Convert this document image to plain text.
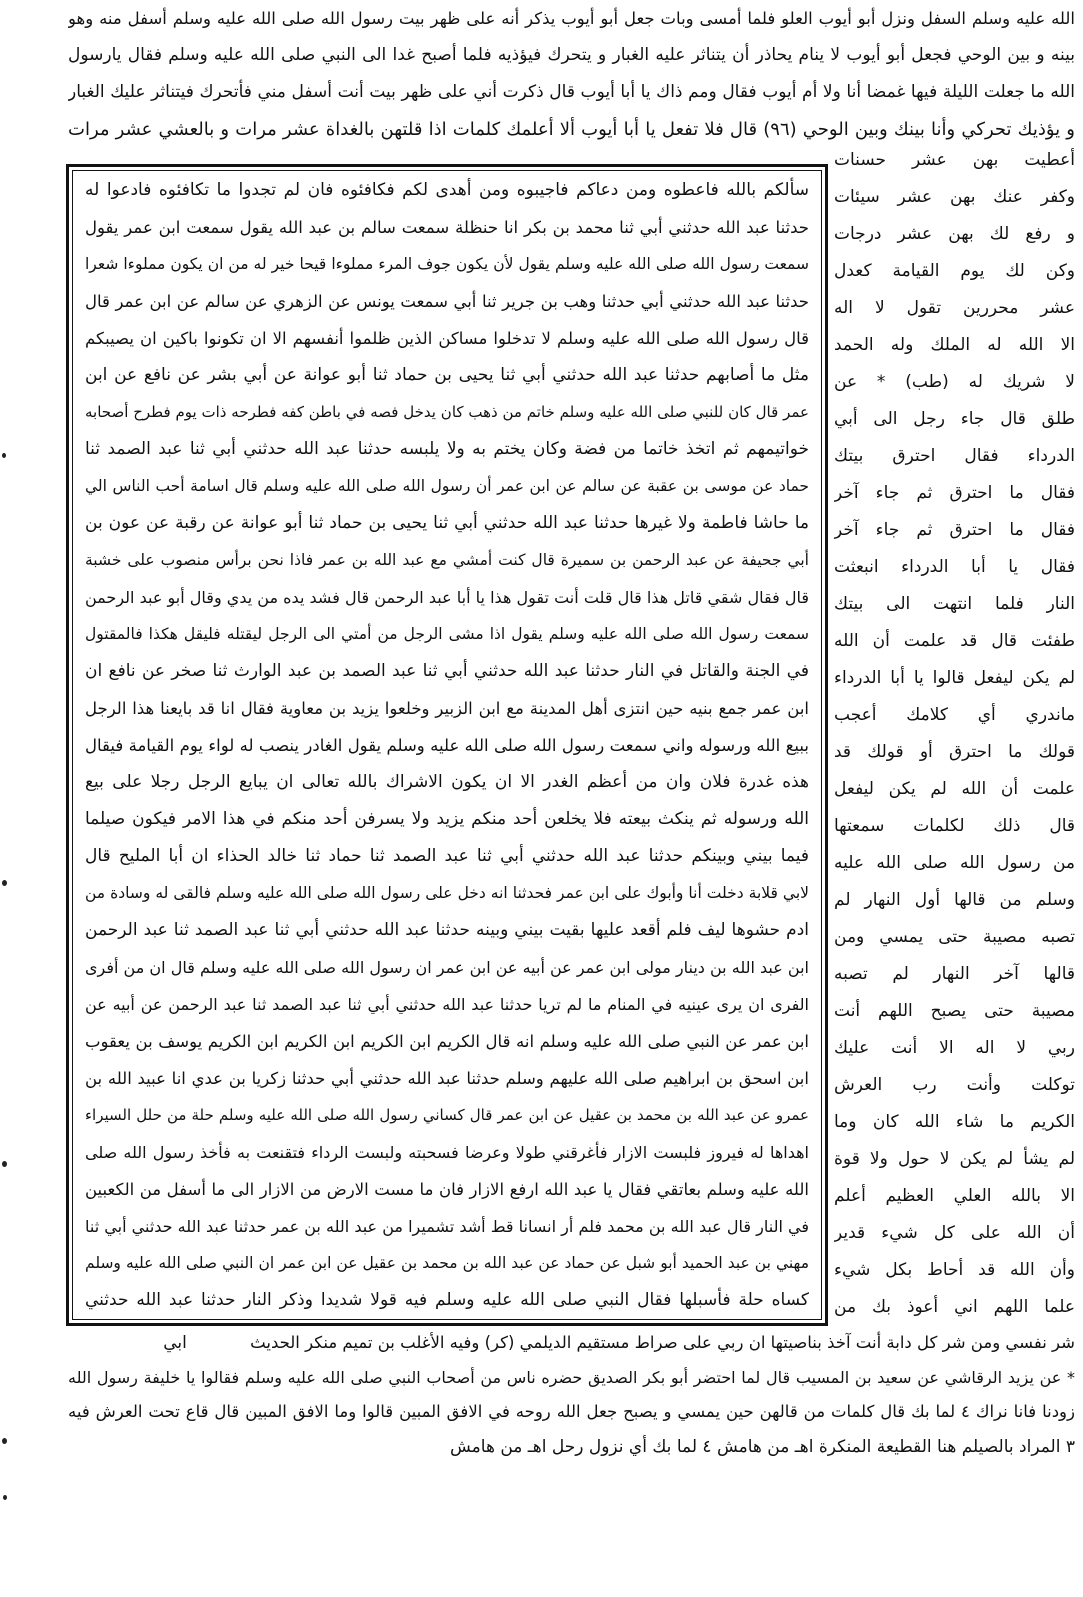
الله عليه وسلم السفل ونزل أبو أيوب العلو فلما أمسى وبات جعل أبو أيوب يذكر أنه على ظهر بيت رسول الله صلى الله عليه وسلم أسفل منه وهو
بينه و بين الوحي فجعل أبو أيوب لا ينام يحاذر أن يتناثر عليه الغبار و يتحرك فيؤذيه فلما أصبح غدا الى النبي صلى الله عليه وسلم فقال يارسول
الله ما جعلت الليلة فيها غمضا أنا ولا أم أيوب فقال ومم ذاك يا أبا أيوب قال ذكرت أني على ظهر بيت أنت أسفل مني فأتحرك فيتناثر عليك الغبار
و يؤذيك تحركي وأنا بينك وبين الوحي (٩٦) قال فلا تفعل يا أبا أيوب ألا أعلمك كلمات اذا قلتهن بالغداة عشر مرات و بالعشي عشر مرات
أعطيت بهن عشر حسنات
وكفر عنك بهن عشر سيئات
و رفع لك بهن عشر درجات
وكن لك يوم القيامة كعدل
عشر محررين تقول لا اله
الا الله له الملك وله الحمد
لا شريك له (طب) * عن
طلق قال جاء رجل الى أبي
الدرداء فقال احترق بيتك
فقال ما احترق ثم جاء آخر
فقال ما احترق ثم جاء آخر
فقال يا أبا الدرداء انبعثت
النار فلما انتهت الى بيتك
طفئت قال قد علمت أن الله
لم يكن ليفعل قالوا يا أبا الدرداء
ماندري أي كلامك أعجب
قولك ما احترق أو قولك قد
علمت أن الله لم يكن ليفعل
قال ذلك لكلمات سمعتها
من رسول الله صلى الله عليه
وسلم من قالها أول النهار لم
تصبه مصيبة حتى يمسي ومن
قالها آخر النهار لم تصبه
مصيبة حتى يصبح اللهم أنت
ربي لا اله الا أنت عليك
توكلت وأنت رب العرش
الكريم ما شاء الله كان وما
لم يشأ لم يكن لا حول ولا قوة
الا بالله العلي العظيم أعلم
أن الله على كل شيء قدير
وأن الله قد أحاط بكل شيء
علما اللهم اني أعوذ بك من
سألكم بالله فاعطوه ومن دعاكم فاجيبوه ومن أهدى لكم فكافئوه فان لم تجدوا ما تكافئوه فادعوا له
حدثنا عبد الله حدثني أبي ثنا محمد بن بكر انا حنظلة سمعت سالم بن عبد الله يقول سمعت ابن عمر يقول
سمعت رسول الله صلى الله عليه وسلم يقول لأن يكون جوف المرء مملوءا قيحا خير له من ان يكون مملوءا شعرا
حدثنا عبد الله حدثني أبي حدثنا وهب بن جرير ثنا أبي سمعت يونس عن الزهري عن سالم عن ابن عمر قال
قال رسول الله صلى الله عليه وسلم لا تدخلوا مساكن الذين ظلموا أنفسهم الا ان تكونوا باكين ان يصيبكم
مثل ما أصابهم حدثنا عبد الله حدثني أبي ثنا يحيى بن حماد ثنا أبو عوانة عن أبي بشر عن نافع عن ابن
عمر قال كان للنبي صلى الله عليه وسلم خاتم من ذهب كان يدخل فصه في باطن كفه فطرحه ذات يوم فطرح أصحابه
خواتيمهم ثم اتخذ خاتما من فضة وكان يختم به ولا يلبسه حدثنا عبد الله حدثني أبي ثنا عبد الصمد ثنا
حماد عن موسى بن عقبة عن سالم عن ابن عمر أن رسول الله صلى الله عليه وسلم قال اسامة أحب الناس الي
ما حاشا فاطمة ولا غيرها حدثنا عبد الله حدثني أبي ثنا يحيى بن حماد ثنا أبو عوانة عن رقبة عن عون بن
أبي جحيفة عن عبد الرحمن بن سميرة قال كنت أمشي مع عبد الله بن عمر فاذا نحن برأس منصوب على خشبة
قال فقال شقي قاتل هذا قال قلت أنت تقول هذا يا أبا عبد الرحمن قال فشد يده من يدي وقال أبو عبد الرحمن
سمعت رسول الله صلى الله عليه وسلم يقول اذا مشى الرجل من أمتي الى الرجل ليقتله فليقل هكذا فالمقتول
في الجنة والقاتل في النار حدثنا عبد الله حدثني أبي ثنا عبد الصمد بن عبد الوارث ثنا صخر عن نافع ان
ابن عمر جمع بنيه حين انتزى أهل المدينة مع ابن الزبير وخلعوا يزيد بن معاوية فقال انا قد بايعنا هذا الرجل
ببيع الله ورسوله واني سمعت رسول الله صلى الله عليه وسلم يقول الغادر ينصب له لواء يوم القيامة فيقال
هذه غدرة فلان وان من أعظم الغدر الا ان يكون الاشراك بالله تعالى ان يبايع الرجل رجلا على بيع
الله ورسوله ثم ينكث بيعته فلا يخلعن أحد منكم يزيد ولا يسرفن أحد منكم في هذا الامر فيكون صيلما
فيما بيني وبينكم حدثنا عبد الله حدثني أبي ثنا عبد الصمد ثنا حماد ثنا خالد الحذاء ان أبا المليح قال
لابي قلابة دخلت أنا وأبوك على ابن عمر فحدثنا انه دخل على رسول الله صلى الله عليه وسلم فالقى له وسادة من
ادم حشوها ليف فلم أقعد عليها بقيت بيني وبينه حدثنا عبد الله حدثني أبي ثنا عبد الصمد ثنا عبد الرحمن
ابن عبد الله بن دينار مولى ابن عمر عن أبيه عن ابن عمر ان رسول الله صلى الله عليه وسلم قال ان من أفرى
الفرى ان يرى عينيه في المنام ما لم تريا حدثنا عبد الله حدثني أبي ثنا عبد الصمد ثنا عبد الرحمن عن أبيه عن
ابن عمر عن النبي صلى الله عليه وسلم انه قال الكريم ابن الكريم ابن الكريم ابن الكريم يوسف بن يعقوب
ابن اسحق بن ابراهيم صلى الله عليهم وسلم حدثنا عبد الله حدثني أبي حدثنا زكريا بن عدي انا عبيد الله بن
عمرو عن عبد الله بن محمد بن عقيل عن ابن عمر قال كساني رسول الله صلى الله عليه وسلم حلة من حلل السيراء
اهداها له فيروز فلبست الازار فأغرقني طولا وعرضا فسحبته ولبست الرداء فتقنعت به فأخذ رسول الله صلى
الله عليه وسلم بعاتقي فقال يا عبد الله ارفع الازار فان ما مست الارض من الازار الى ما أسفل من الكعبين
في النار قال عبد الله بن محمد فلم أر انسانا قط أشد تشميرا من عبد الله بن عمر حدثنا عبد الله حدثني أبي ثنا
مهني بن عبد الحميد أبو شبل عن حماد عن عبد الله بن محمد بن عقيل عن ابن عمر ان النبي صلى الله عليه وسلم
كساه حلة فأسبلها فقال النبي صلى الله عليه وسلم فيه قولا شديدا وذكر النار حدثنا عبد الله حدثني
شر نفسي ومن شر كل دابة أنت آخذ بناصيتها ان ربي على صراط مستقيم الديلمي (كر) وفيه الأغلب بن تميم منكر الحديث
ابي
* عن يزيد الرقاشي عن سعيد بن المسيب قال لما احتضر أبو بكر الصديق حضره ناس من أصحاب النبي صلى الله عليه وسلم فقالوا يا خليفة رسول الله
زودنا فانا نراك ٤ لما بك قال كلمات من قالهن حين يمسي و يصبح جعل الله روحه في الافق المبين قالوا وما الافق المبين قال قاع تحت العرش فيه
٣ المراد بالصيلم هنا القطيعة المنكرة اهـ من هامش ٤ لما بك أي نزول رحل اهـ من هامش
